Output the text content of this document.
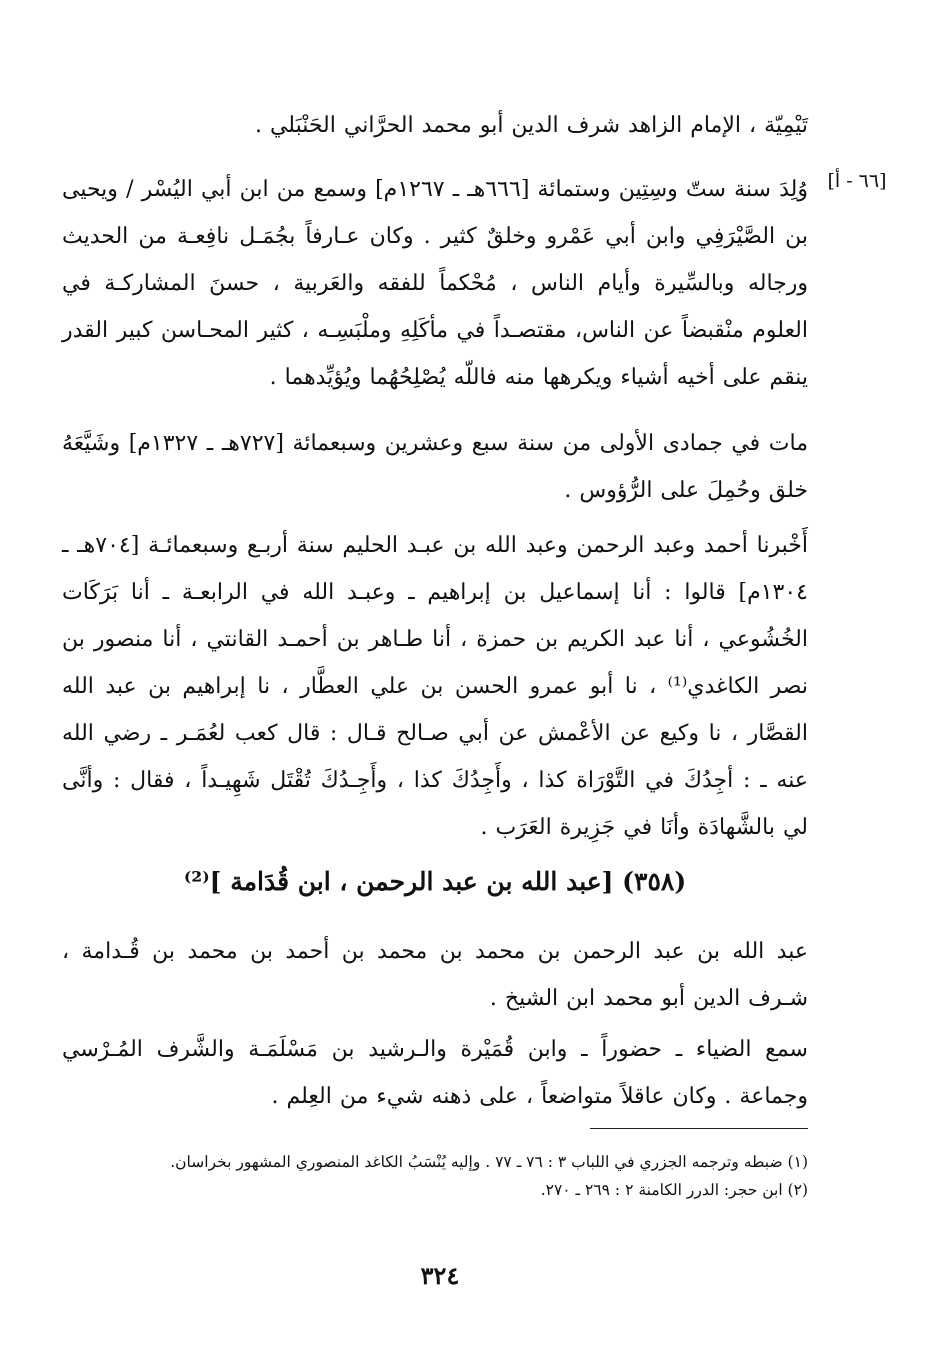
تَيْمِيّة ، الإمام الزاهد شرف الدين أبو محمد الحرَّاني الحَنْبَلي .

[٦٦ - أ]

وُلِدَ سنة ستّ وسِتِين وستمائة [٦٦٦هـ ـ ١٢٦٧م] وسمع من ابن أبي اليُسْر / ويحيى بن الصَّيْرَفِي وابن أبي عَمْرو وخلقٌ كثير . وكان عـارفاً بجُمَـل نافِعـة من الحديث ورجاله وبالسِّيرة وأيام الناس ، مُحْكماً للفقه والعَربية ، حسنَ المشاركـة في العلوم منْقبضاً عن الناس، مقتصـداً في مأكَلِهِ وملْبَسِـه ، كثير المحـاسن كبير القدر ينقم على أخيه أشياء ويكرهها منه فاللّه يُصْلِحُهُما ويُؤيِّدهما .

مات في جمادى الأولى من سنة سبع وعشرين وسبعمائة [٧٢٧هـ ـ ١٣٢٧م] وشَيَّعَهُ خلق وحُمِلَ على الرُّؤوس .

أَخْبرنا أحمد وعبد الرحمن وعبد الله بن عبـد الحليم سنة أربـع وسبعمائـة [٧٠٤هـ ـ ١٣٠٤م] قالوا : أنا إسماعيل بن إبراهيم ـ وعبـد الله في الرابعـة ـ أنا بَرَكَات الخُشُوعي ، أنا عبد الكريم بن حمزة ، أنا طـاهر بن أحمـد القانتي ، أنا منصور بن نصر الكاغدي⁽¹⁾ ، نا أبو عمرو الحسن بن علي العطَّار ، نا إبراهيم بن عبد الله القصَّار ، نا وكيع عن الأعْمش عن أبي صـالح قـال : قال كعب لعُمَـر ـ رضي الله عنه ـ : أجِدُكَ في التَّوْرَاة كذا ، وأَجِدُكَ كذا ، وأَجِـدُكَ تُقْتَل شَهِيـداً ، فقال : وأنَّى لي بالشَّهادَة وأنَا في جَزِيرة العَرَب .

(٣٥٨) [عبد الله بن عبد الرحمن ، ابن قُدَامة ]⁽²⁾

عبد الله بن عبد الرحمن بن محمد بن محمد بن أحمد بن محمد بن قُـدامة ، شـرف الدين أبو محمد ابن الشيخ .

سمع الضياء ـ حضوراً ـ وابن قُمَيْرة والـرشيد بن مَسْلَمَـة والشَّرف المُـرْسي وجماعة . وكان عاقلاً متواضعاً ، على ذهنه شيء من العِلم .

(١) ضبطه وترجمه الجزري في اللباب ٣ : ٧٦ ـ ٧٧ . وإليه يُنْسَبُ الكاغد المنصوري المشهور بخراسان.

(٢) ابن حجر: الدرر الكامنة ٢ : ٢٦٩ ـ ٢٧٠.

٣٢٤
